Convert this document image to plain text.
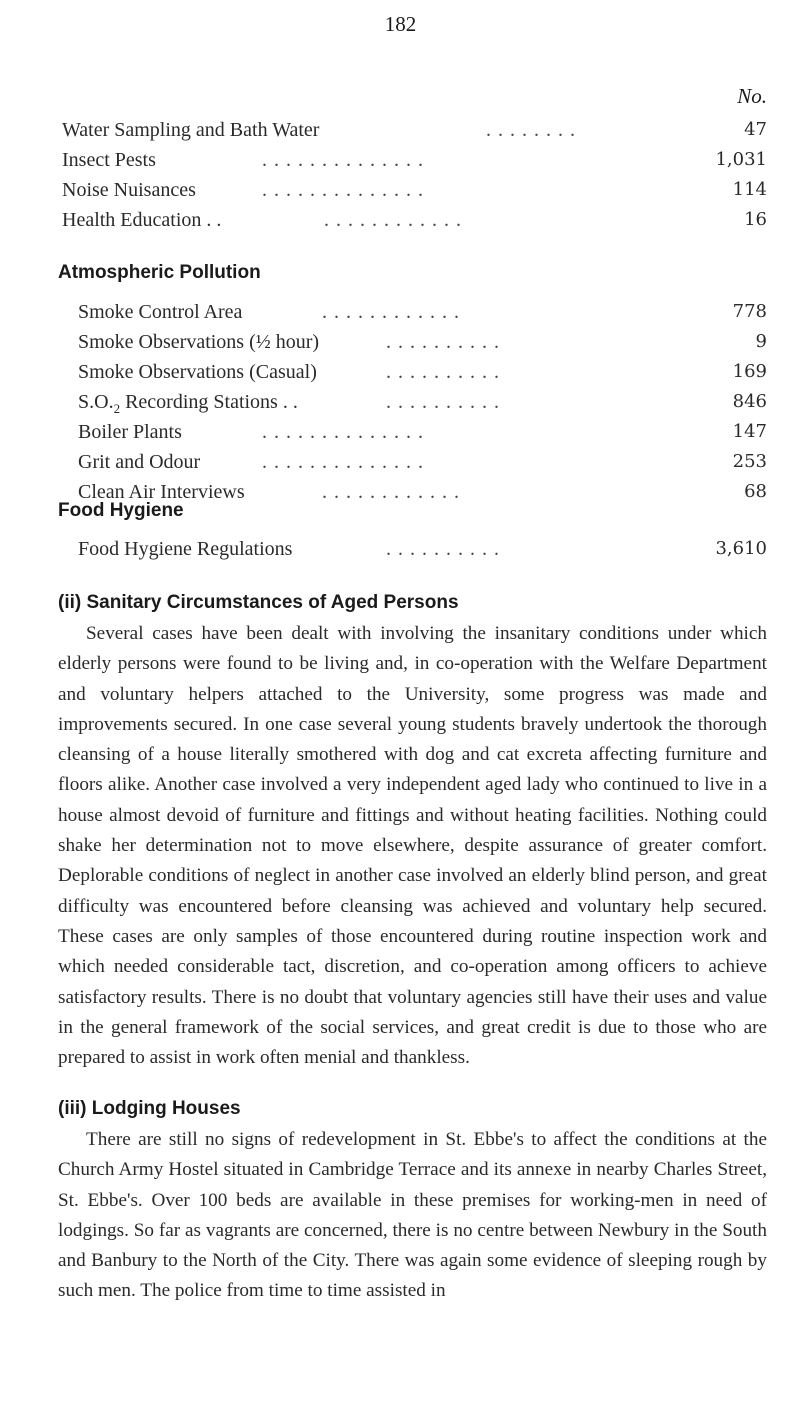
182
No.
Water Sampling and Bath Water	. . . . . . . .	47
Insect Pests	. . . . . . . . . . . . . .	1,031
Noise Nuisances	. . . . . . . . . . . . . .	114
Health Education . .	. . . . . . . . . . . .	16
Atmospheric Pollution
Smoke Control Area	. . . . . . . . . . . .	778
Smoke Observations (½ hour)	. . . . . . . . . .	9
Smoke Observations (Casual)	. . . . . . . . . .	169
$S.O._2$ Recording Stations . .	. . . . . . . . . .	846
Boiler Plants	. . . . . . . . . . . . . .	147
Grit and Odour	. . . . . . . . . . . . . .	253
Clean Air Interviews	. . . . . . . . . . . .	68
Food Hygiene
Food Hygiene Regulations	. . . . . . . . . .	3,610
(ii) Sanitary Circumstances of Aged Persons

Several cases have been dealt with involving the insanitary conditions under which elderly persons were found to be living and, in co-operation with the Welfare Department and voluntary helpers attached to the University, some progress was made and improvements secured. In one case several young students bravely undertook the thorough cleansing of a house literally smothered with dog and cat excreta affecting furniture and floors alike. Another case involved a very independent aged lady who continued to live in a house almost devoid of furniture and fittings and without heating facilities. Nothing could shake her determination not to move elsewhere, despite assurance of greater comfort. Deplorable conditions of neglect in another case involved an elderly blind person, and great difficulty was encountered before cleansing was achieved and voluntary help secured. These cases are only samples of those encountered during routine inspection work and which needed considerable tact, discretion, and co-operation among officers to achieve satisfactory results. There is no doubt that voluntary agencies still have their uses and value in the general framework of the social services, and great credit is due to those who are prepared to assist in work often menial and thankless.

(iii) Lodging Houses

There are still no signs of redevelopment in St. Ebbe's to affect the conditions at the Church Army Hostel situated in Cambridge Terrace and its annexe in nearby Charles Street, St. Ebbe's. Over 100 beds are available in these premises for working-men in need of lodgings. So far as vagrants are concerned, there is no centre between Newbury in the South and Banbury to the North of the City. There was again some evidence of sleeping rough by such men. The police from time to time assisted in
